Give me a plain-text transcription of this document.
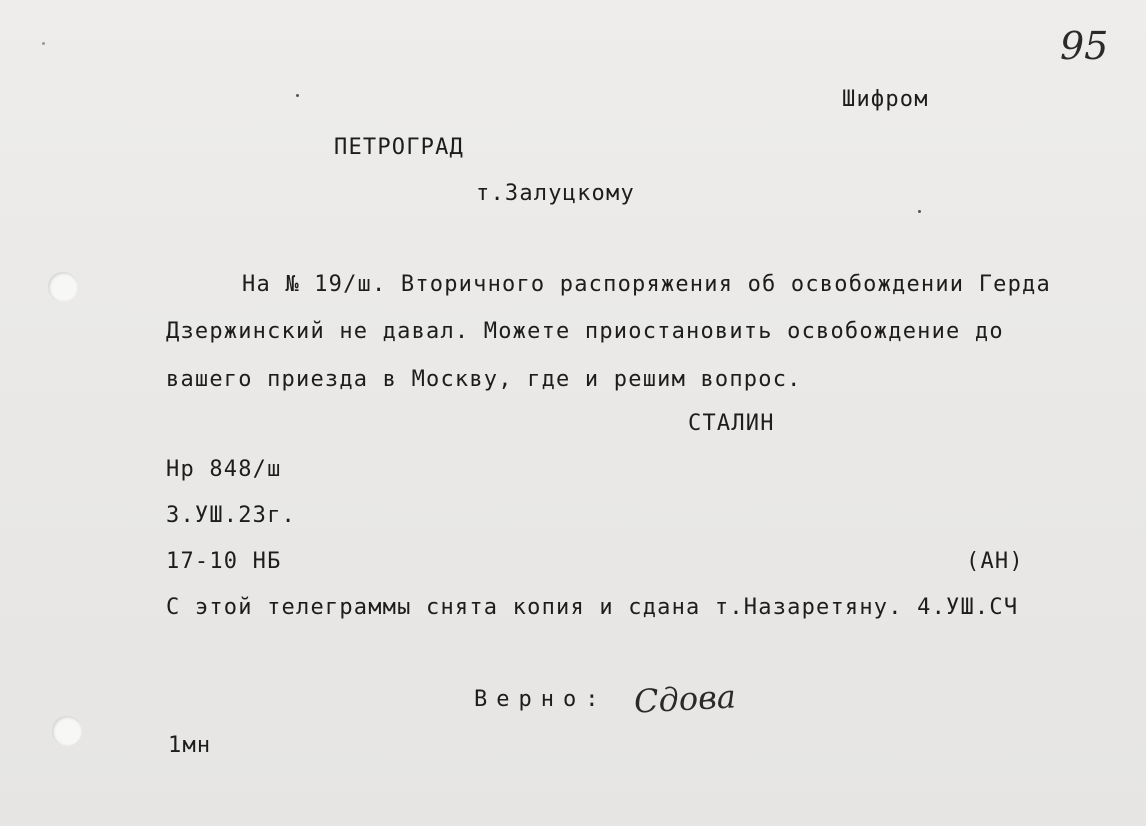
95
Шифром
ПЕТРОГРАД
т.Залуцкому
На № 19/ш. Вторичного распоряжения об освобождении Герда
Дзержинский не давал. Можете приостановить освобождение до
вашего приезда в Москву, где и решим вопрос.
СТАЛИН
Нр 848/ш
3.УШ.23г.
17-10 НБ	(АН)
С этой телеграммы снята копия и сдана т.Назаретяну. 4.УШ.СЧ
Верно: Сдова
1мн
